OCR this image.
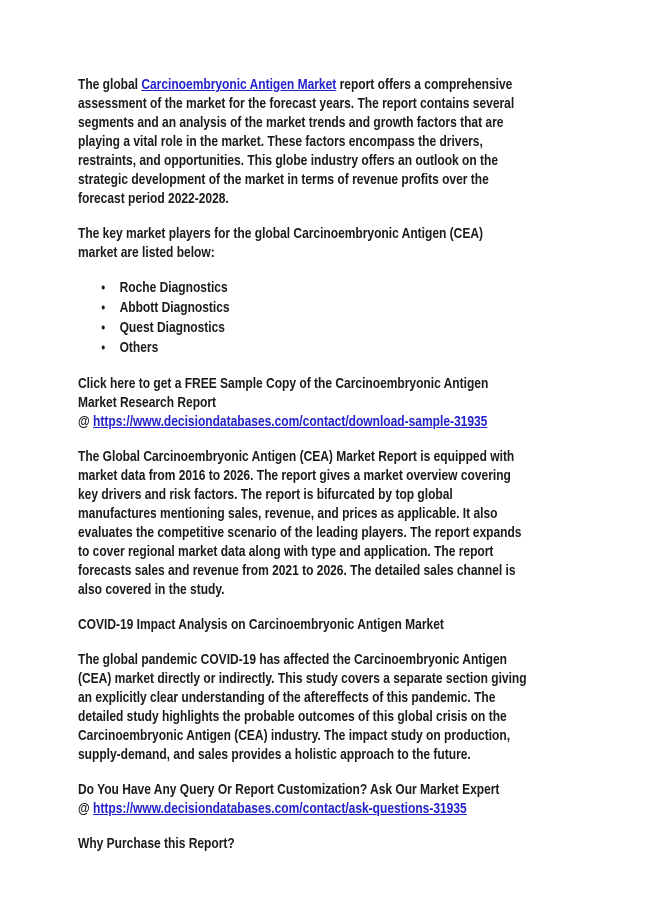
The global Carcinoembryonic Antigen Market report offers a comprehensive
assessment of the market for the forecast years. The report contains several
segments and an analysis of the market trends and growth factors that are
playing a vital role in the market. These factors encompass the drivers,
restraints, and opportunities. This globe industry offers an outlook on the
strategic development of the market in terms of revenue profits over the
forecast period 2022-2028.
The key market players for the global Carcinoembryonic Antigen (CEA)
market are listed below:
• Roche Diagnostics
• Abbott Diagnostics
• Quest Diagnostics
• Others
Click here to get a FREE Sample Copy of the Carcinoembryonic Antigen
Market Research Report
@ https://www.decisiondatabases.com/contact/download-sample-31935
The Global Carcinoembryonic Antigen (CEA) Market Report is equipped with
market data from 2016 to 2026. The report gives a market overview covering
key drivers and risk factors. The report is bifurcated by top global
manufactures mentioning sales, revenue, and prices as applicable. It also
evaluates the competitive scenario of the leading players. The report expands
to cover regional market data along with type and application. The report
forecasts sales and revenue from 2021 to 2026. The detailed sales channel is
also covered in the study.
COVID-19 Impact Analysis on Carcinoembryonic Antigen Market
The global pandemic COVID-19 has affected the Carcinoembryonic Antigen
(CEA) market directly or indirectly. This study covers a separate section giving
an explicitly clear understanding of the aftereffects of this pandemic. The
detailed study highlights the probable outcomes of this global crisis on the
Carcinoembryonic Antigen (CEA) industry. The impact study on production,
supply-demand, and sales provides a holistic approach to the future.
Do You Have Any Query Or Report Customization? Ask Our Market Expert
@ https://www.decisiondatabases.com/contact/ask-questions-31935
Why Purchase this Report?
